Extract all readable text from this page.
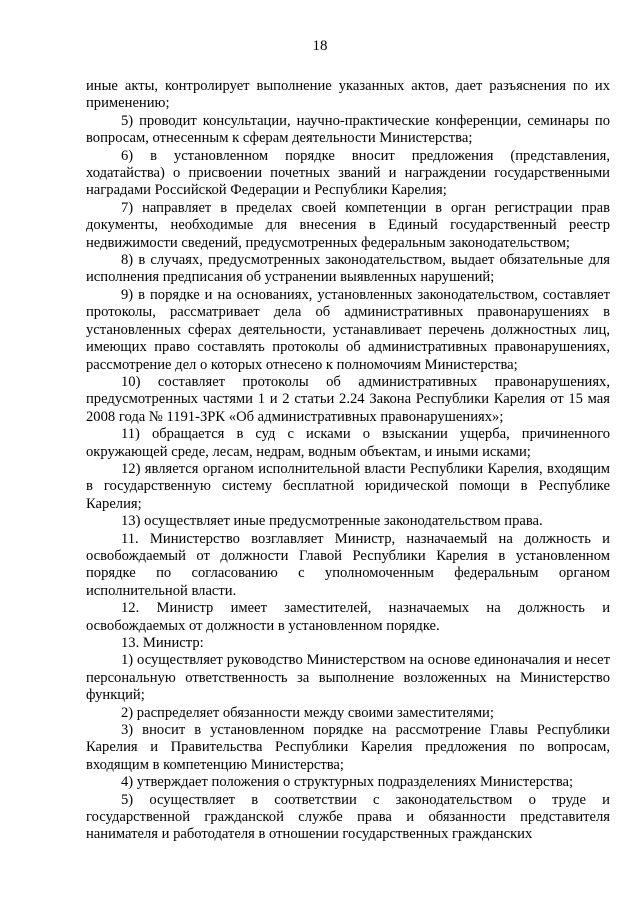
18

иные акты, контролирует выполнение указанных актов, дает разъяснения по их применению;

5) проводит консультации, научно-практические конференции, семинары по вопросам, отнесенным к сферам деятельности Министерства;

6) в установленном порядке вносит предложения (представления, ходатайства) о присвоении почетных званий и награждении государственными наградами Российской Федерации и Республики Карелия;

7) направляет в пределах своей компетенции в орган регистрации прав документы, необходимые для внесения в Единый государственный реестр недвижимости сведений, предусмотренных федеральным законодательством;

8) в случаях, предусмотренных законодательством, выдает обязательные для исполнения предписания об устранении выявленных нарушений;

9) в порядке и на основаниях, установленных законодательством, составляет протоколы, рассматривает дела об административных правонарушениях в установленных сферах деятельности, устанавливает перечень должностных лиц, имеющих право составлять протоколы об административных правонарушениях, рассмотрение дел о которых отнесено к полномочиям Министерства;

10) составляет протоколы об административных правонарушениях, предусмотренных частями 1 и 2 статьи 2.24 Закона Республики Карелия от 15 мая 2008 года № 1191-ЗРК «Об административных правонарушениях»;

11) обращается в суд с исками о взыскании ущерба, причиненного окружающей среде, лесам, недрам, водным объектам, и иными исками;

12) является органом исполнительной власти Республики Карелия, входящим в государственную систему бесплатной юридической помощи в Республике Карелия;

13) осуществляет иные предусмотренные законодательством права.

11. Министерство возглавляет Министр, назначаемый на должность и освобождаемый от должности Главой Республики Карелия в установленном порядке по согласованию с уполномоченным федеральным органом исполнительной власти.

12. Министр имеет заместителей, назначаемых на должность и освобождаемых от должности в установленном порядке.

13. Министр:

1) осуществляет руководство Министерством на основе единоначалия и несет персональную ответственность за выполнение возложенных на Министерство функций;

2) распределяет обязанности между своими заместителями;

3) вносит в установленном порядке на рассмотрение Главы Республики Карелия и Правительства Республики Карелия предложения по вопросам, входящим в компетенцию Министерства;

4) утверждает положения о структурных подразделениях Министерства;

5) осуществляет в соответствии с законодательством о труде и государственной гражданской службе права и обязанности представителя нанимателя и работодателя в отношении государственных гражданских
